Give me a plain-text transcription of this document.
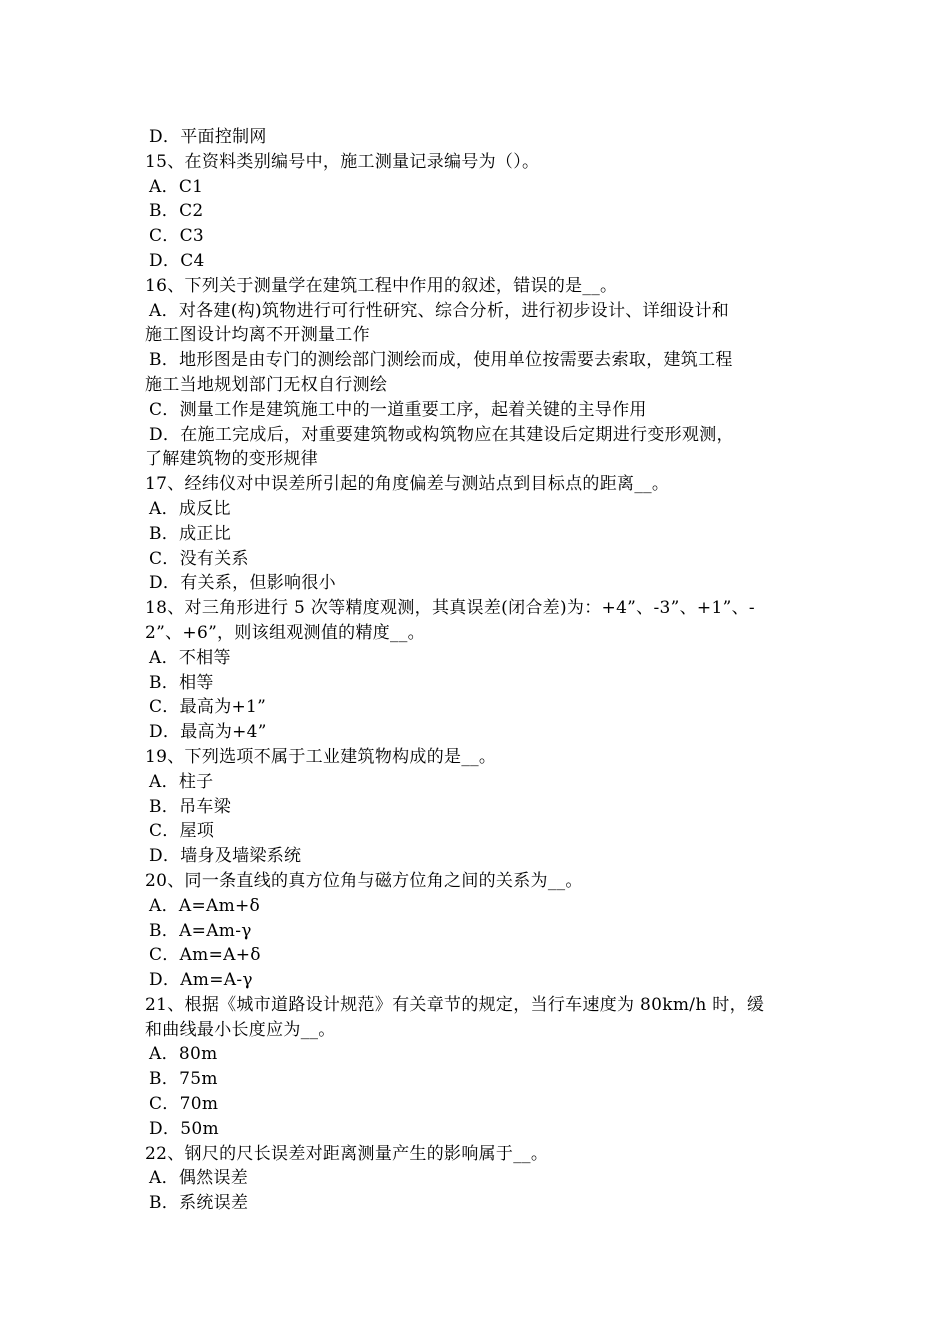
D．平面控制网
15、在资料类别编号中，施工测量记录编号为（）。
A．C1
B．C2
C．C3
D．C4
16、下列关于测量学在建筑工程中作用的叙述，错误的是__。
A．对各建(构)筑物进行可行性研究、综合分析，进行初步设计、详细设计和
施工图设计均离不开测量工作
B．地形图是由专门的测绘部门测绘而成，使用单位按需要去索取，建筑工程
施工当地规划部门无权自行测绘
C．测量工作是建筑施工中的一道重要工序，起着关键的主导作用
D．在施工完成后，对重要建筑物或构筑物应在其建设后定期进行变形观测，
了解建筑物的变形规律
17、经纬仪对中误差所引起的角度偏差与测站点到目标点的距离__。
A．成反比
B．成正比
C．没有关系
D．有关系，但影响很小
18、对三角形进行 5 次等精度观测，其真误差(闭合差)为：+4”、-3”、+1”、-
2”、+6”，则该组观测值的精度__。
A．不相等
B．相等
C．最高为+1”
D．最高为+4”
19、下列选项不属于工业建筑物构成的是__。
A．柱子
B．吊车梁
C．屋项
D．墙身及墙梁系统
20、同一条直线的真方位角与磁方位角之间的关系为__。
A．A=Am+δ
B．A=Am-γ
C．Am=A+δ
D．Am=A-γ
21、根据《城市道路设计规范》有关章节的规定，当行车速度为 80km/h 时，缓
和曲线最小长度应为__。
A．80m
B．75m
C．70m
D．50m
22、钢尺的尺长误差对距离测量产生的影响属于__。
A．偶然误差
B．系统误差
